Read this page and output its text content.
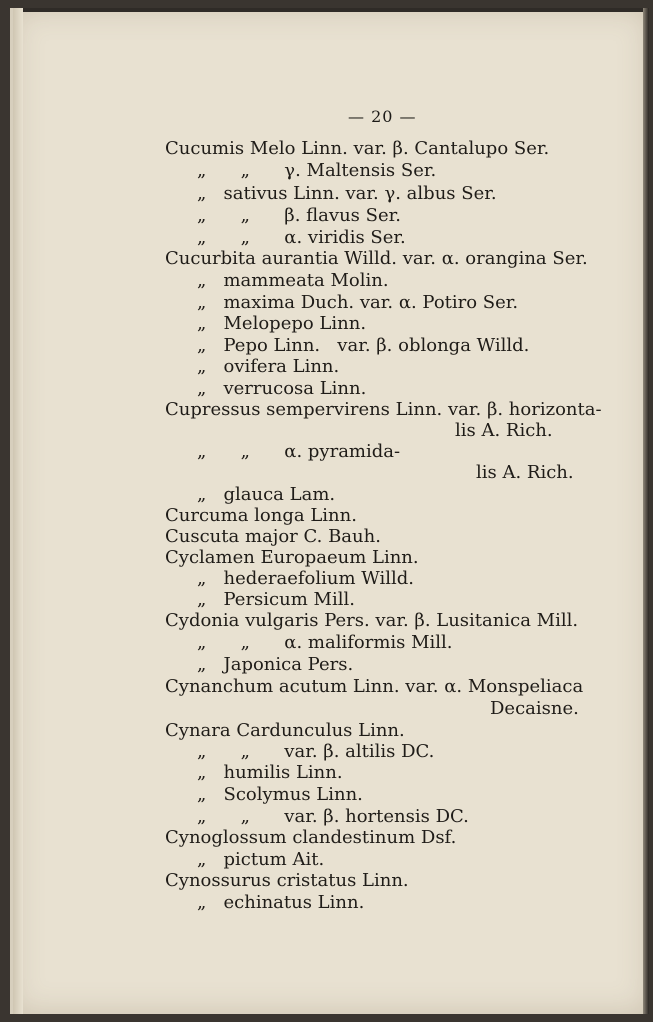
— 20 —
Cucumis Melo Linn. var. β. Cantalupo Ser.
„      „      γ. Maltensis Ser.
„   sativus Linn. var. γ. albus Ser.
„      „      β. flavus Ser.
„      „      α. viridis Ser.
Cucurbita aurantia Willd. var. α. orangina Ser.
„   mammeata Molin.
„   maxima Duch. var. α. Potiro Ser.
„   Melopepo Linn.
„   Pepo Linn.   var. β. oblonga Willd.
„   ovifera Linn.
„   verrucosa Linn.
Cupressus sempervirens Linn. var. β. horizonta-
lis A. Rich.
„      „      α. pyramida-
lis A. Rich.
„   glauca Lam.
Curcuma longa Linn.
Cuscuta major C. Bauh.
Cyclamen Europaeum Linn.
„   hederaefolium Willd.
„   Persicum Mill.
Cydonia vulgaris Pers. var. β. Lusitanica Mill.
„      „      α. maliformis Mill.
„   Japonica Pers.
Cynanchum acutum Linn. var. α. Monspeliaca
Decaisne.
Cynara Cardunculus Linn.
„      „      var. β. altilis DC.
„   humilis Linn.
„   Scolymus Linn.
„      „      var. β. hortensis DC.
Cynoglossum clandestinum Dsf.
„   pictum Ait.
Cynossurus cristatus Linn.
„   echinatus Linn.
